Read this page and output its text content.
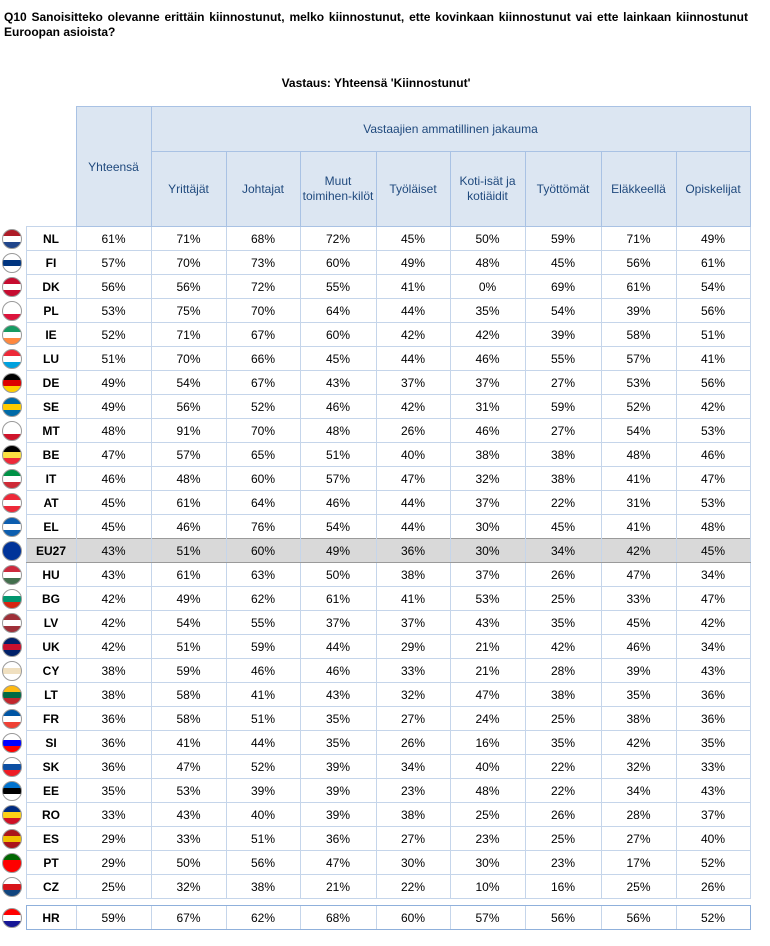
Q10 Sanoisitteko olevanne erittäin kiinnostunut, melko kiinnostunut, ette kovinkaan kiinnostunut vai ette lainkaan kiinnostunut Euroopan asioista?
Vastaus: Yhteensä 'Kiinnostunut'
		Yhteensä	Vastaajien ammatillinen jakauma							
			Yrittäjät	Johtajat	Muut toimihen-kilöt	Työläiset	Koti-isät ja kotiäidit	Työttömät	Eläkkeellä	Opiskelijat
	NL	61%	71%	68%	72%	45%	50%	59%	71%	49%
	FI	57%	70%	73%	60%	49%	48%	45%	56%	61%
	DK	56%	56%	72%	55%	41%	0%	69%	61%	54%
	PL	53%	75%	70%	64%	44%	35%	54%	39%	56%
	IE	52%	71%	67%	60%	42%	42%	39%	58%	51%
	LU	51%	70%	66%	45%	44%	46%	55%	57%	41%
	DE	49%	54%	67%	43%	37%	37%	27%	53%	56%
	SE	49%	56%	52%	46%	42%	31%	59%	52%	42%
	MT	48%	91%	70%	48%	26%	46%	27%	54%	53%
	BE	47%	57%	65%	51%	40%	38%	38%	48%	46%
	IT	46%	48%	60%	57%	47%	32%	38%	41%	47%
	AT	45%	61%	64%	46%	44%	37%	22%	31%	53%
	EL	45%	46%	76%	54%	44%	30%	45%	41%	48%
	EU27	43%	51%	60%	49%	36%	30%	34%	42%	45%
	HU	43%	61%	63%	50%	38%	37%	26%	47%	34%
	BG	42%	49%	62%	61%	41%	53%	25%	33%	47%
	LV	42%	54%	55%	37%	37%	43%	35%	45%	42%
	UK	42%	51%	59%	44%	29%	21%	42%	46%	34%
	CY	38%	59%	46%	46%	33%	21%	28%	39%	43%
	LT	38%	58%	41%	43%	32%	47%	38%	35%	36%
	FR	36%	58%	51%	35%	27%	24%	25%	38%	36%
	SI	36%	41%	44%	35%	26%	16%	35%	42%	35%
	SK	36%	47%	52%	39%	34%	40%	22%	32%	33%
	EE	35%	53%	39%	39%	23%	48%	22%	34%	43%
	RO	33%	43%	40%	39%	38%	25%	26%	28%	37%
	ES	29%	33%	51%	36%	27%	23%	25%	27%	40%
	PT	29%	50%	56%	47%	30%	30%	23%	17%	52%
	CZ	25%	32%	38%	21%	22%	10%	16%	25%	26%

	HR	59%	67%	62%	68%	60%	57%	56%	56%	52%
